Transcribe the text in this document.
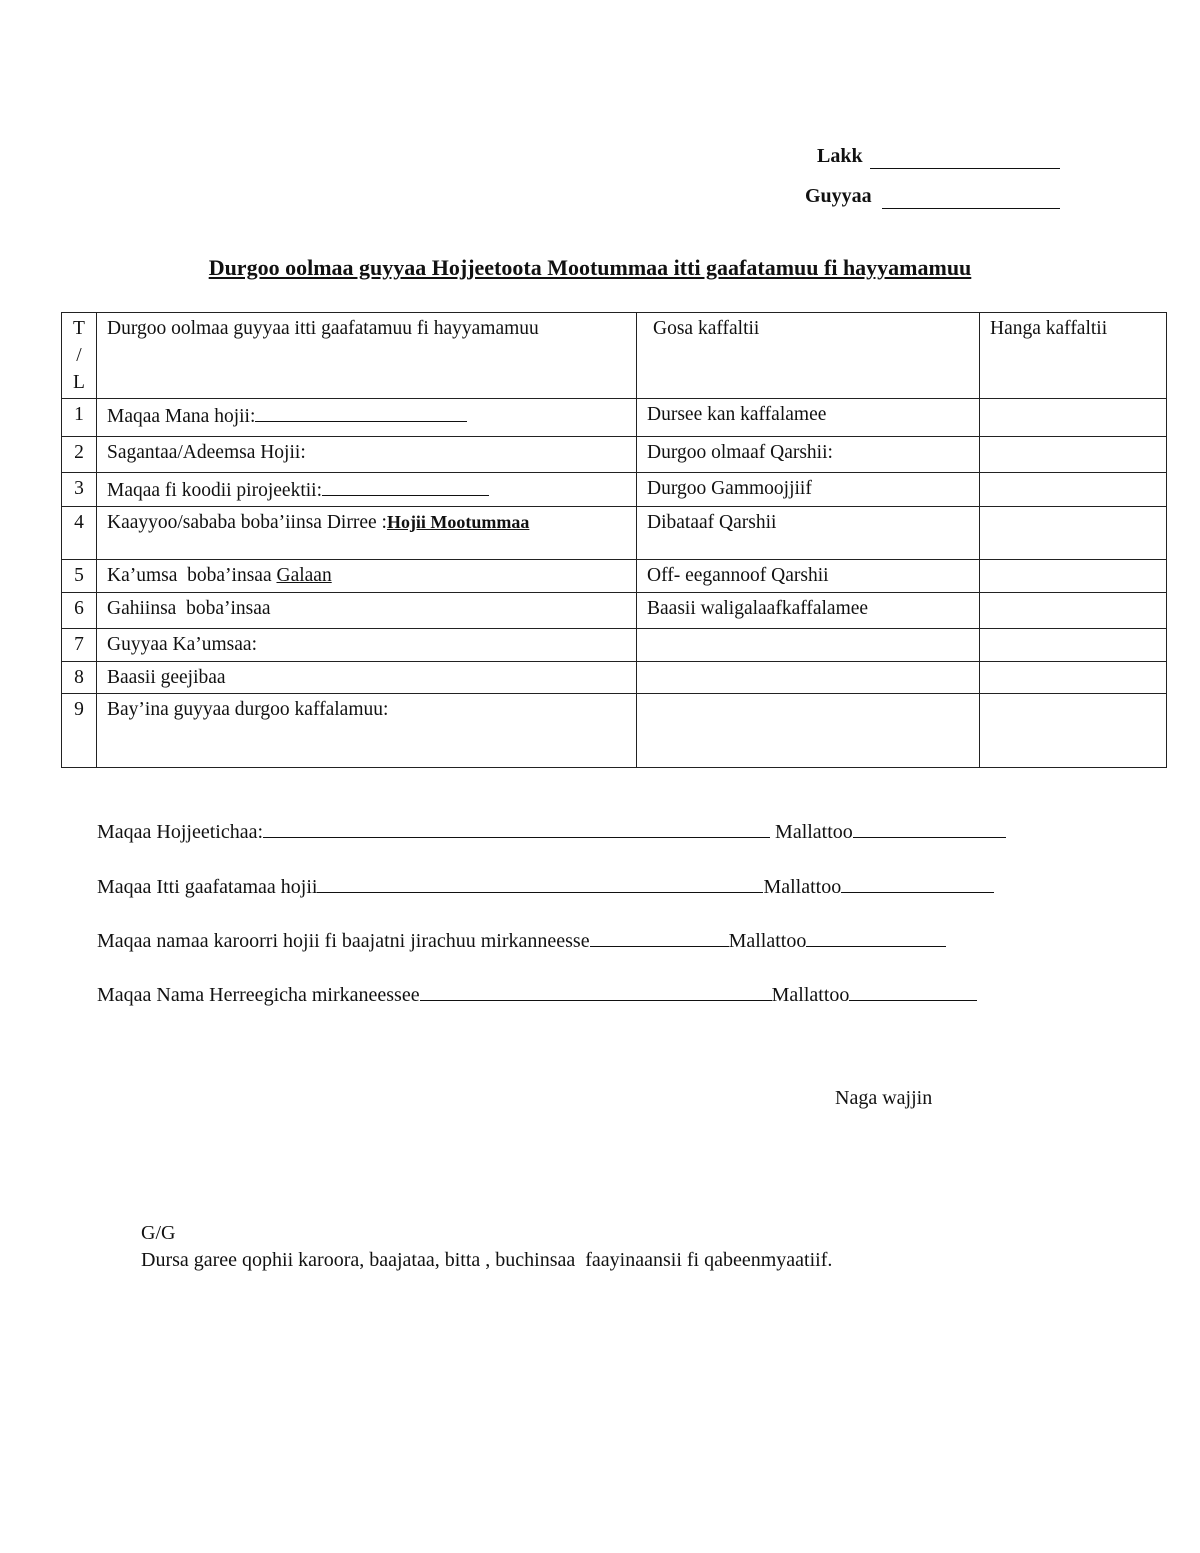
Lakk
Guyyaa
Durgoo oolmaa guyyaa Hojjeetoota Mootummaa itti gaafatamuu fi hayyamamuu
T
/
L	Durgoo oolmaa guyyaa itti gaafatamuu fi hayyamamuu	Gosa kaffaltii	Hanga kaffaltii
1	Maqaa Mana hojii:	Dursee kan kaffalamee	
2	Sagantaa/Adeemsa Hojii:	Durgoo olmaaf Qarshii:	
3	Maqaa fi koodii pirojeektii:	Durgoo Gammoojjiif	
4	Kaayyoo/sababa boba’iinsa Dirree :Hojii Mootummaa	Dibataaf Qarshii	
5	Ka’umsa  boba’insaa Galaan	Off- eegannoof Qarshii	
6	Gahiinsa  boba’insaa	Baasii waligalaafkaffalamee	
7	Guyyaa Ka’umsaa:		
8	Baasii geejibaa		
9	Bay’ina guyyaa durgoo kaffalamuu:		
Maqaa Hojjeetichaa:	Mallattoo
Maqaa Itti gaafatamaa hojii	Mallattoo
Maqaa namaa karoorri hojii fi baajatni jirachuu mirkanneesse	Mallattoo
Maqaa Nama Herreegicha mirkaneessee	Mallattoo
Naga wajjin
G/G
Dursa garee qophii karoora, baajataa, bitta , buchinsaa  faayinaansii fi qabeenmyaatiif.
